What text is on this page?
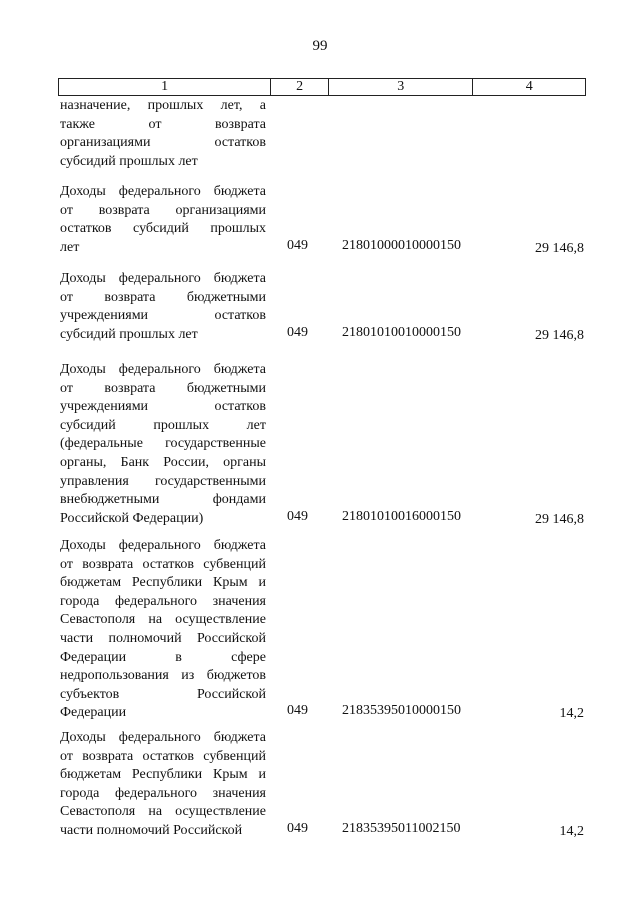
99
1	2	3	4
назначение, прошлых лет, а
также от возврата
организациями остатков
субсидий прошлых лет
Доходы федерального бюджета
от возврата организациями
остатков субсидий прошлых
лет	049	21801000010000150	29 146,8
Доходы федерального бюджета
от возврата бюджетными
учреждениями остатков
субсидий прошлых лет	049	21801010010000150	29 146,8
Доходы федерального бюджета
от возврата бюджетными
учреждениями остатков
субсидий прошлых лет
(федеральные государственные
органы, Банк России, органы
управления государственными
внебюджетными фондами
Российской Федерации)	049	21801010016000150	29 146,8
Доходы федерального бюджета
от возврата остатков субвенций
бюджетам Республики Крым и
города федерального значения
Севастополя на осуществление
части полномочий Российской
Федерации в сфере
недропользования из бюджетов
субъектов Российской
Федерации	049	21835395010000150	14,2
Доходы федерального бюджета
от возврата остатков субвенций
бюджетам Республики Крым и
города федерального значения
Севастополя на осуществление
части полномочий Российской	049	21835395011002150	14,2
